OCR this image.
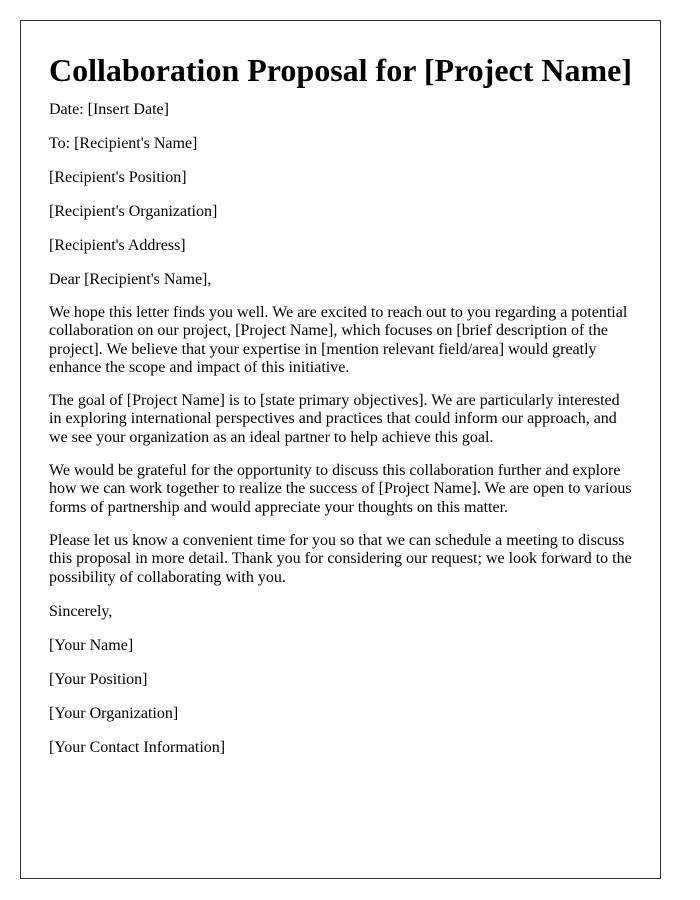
Collaboration Proposal for [Project Name]

Date: [Insert Date]

To: [Recipient's Name]

[Recipient's Position]

[Recipient's Organization]

[Recipient's Address]

Dear [Recipient's Name],

We hope this letter finds you well. We are excited to reach out to you regarding a potential collaboration on our project, [Project Name], which focuses on [brief description of the project]. We believe that your expertise in [mention relevant field/area] would greatly enhance the scope and impact of this initiative.

The goal of [Project Name] is to [state primary objectives]. We are particularly interested in exploring international perspectives and practices that could inform our approach, and we see your organization as an ideal partner to help achieve this goal.

We would be grateful for the opportunity to discuss this collaboration further and explore how we can work together to realize the success of [Project Name]. We are open to various forms of partnership and would appreciate your thoughts on this matter.

Please let us know a convenient time for you so that we can schedule a meeting to discuss this proposal in more detail. Thank you for considering our request; we look forward to the possibility of collaborating with you.

Sincerely,

[Your Name]

[Your Position]

[Your Organization]

[Your Contact Information]
